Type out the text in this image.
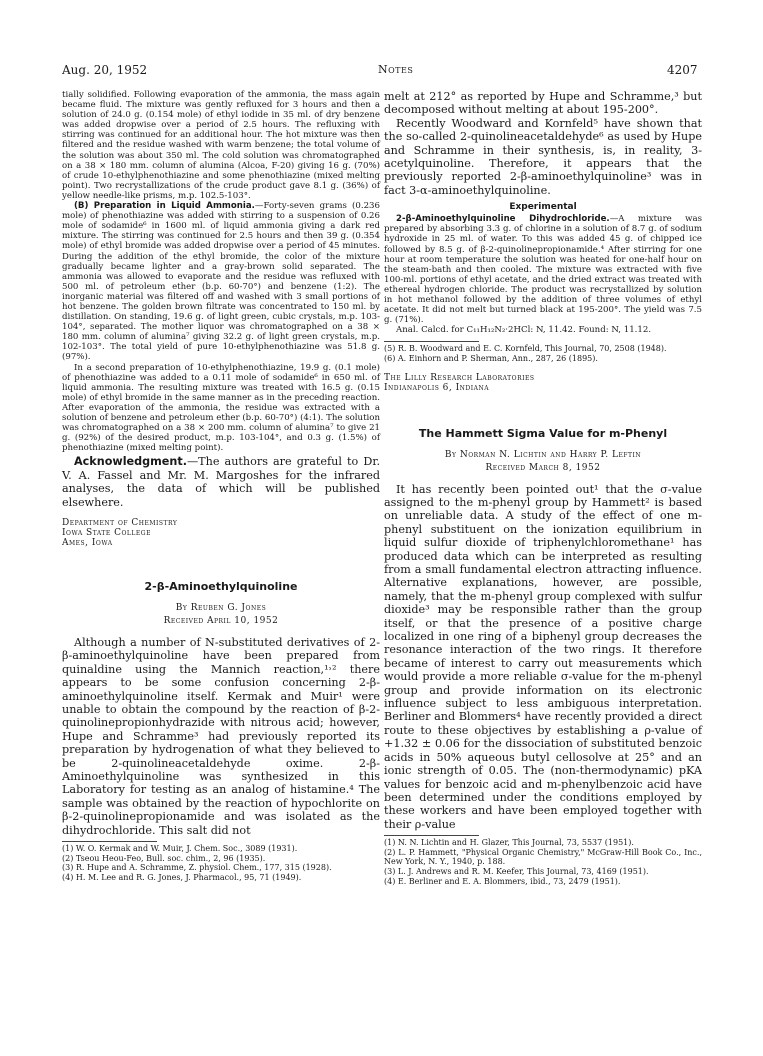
Aug. 20, 1952	Notes	4207

tially solidified. Following evaporation of the ammonia, the mass again became fluid. The mixture was gently refluxed for 3 hours and then a solution of 24.0 g. (0.154 mole) of ethyl iodide in 35 ml. of dry benzene was added dropwise over a period of 2.5 hours. The refluxing with stirring was continued for an additional hour. The hot mixture was then filtered and the residue washed with warm benzene; the total volume of the solution was about 350 ml. The cold solution was chromatographed on a 38 × 180 mm. column of alumina (Alcoa, F-20) giving 16 g. (70%) of crude 10-ethylphenothiazine and some phenothiazine (mixed melting point). Two recrystallizations of the crude product gave 8.1 g. (36%) of yellow needle-like prisms, m.p. 102.5-103°.

(B) Preparation in Liquid Ammonia.—Forty-seven grams (0.236 mole) of phenothiazine was added with stirring to a suspension of 0.26 mole of sodamide⁶ in 1600 ml. of liquid ammonia giving a dark red mixture. The stirring was continued for 2.5 hours and then 39 g. (0.354 mole) of ethyl bromide was added dropwise over a period of 45 minutes. During the addition of the ethyl bromide, the color of the mixture gradually became lighter and a gray-brown solid separated. The ammonia was allowed to evaporate and the residue was refluxed with 500 ml. of petroleum ether (b.p. 60-70°) and benzene (1:2). The inorganic material was filtered off and washed with 3 small portions of hot benzene. The golden brown filtrate was concentrated to 150 ml. by distillation. On standing, 19.6 g. of light green, cubic crystals, m.p. 103-104°, separated. The mother liquor was chromatographed on a 38 × 180 mm. column of alumina⁷ giving 32.2 g. of light green crystals, m.p. 102-103°. The total yield of pure 10-ethylphenothiazine was 51.8 g. (97%).

In a second preparation of 10-ethylphenothiazine, 19.9 g. (0.1 mole) of phenothiazine was added to a 0.11 mole of sodamide⁶ in 650 ml. of liquid ammonia. The resulting mixture was treated with 16.5 g. (0.15 mole) of ethyl bromide in the same manner as in the preceding reaction. After evaporation of the ammonia, the residue was extracted with a solution of benzene and petroleum ether (b.p. 60-70°) (4:1). The solution was chromatographed on a 38 × 200 mm. column of alumina⁷ to give 21 g. (92%) of the desired product, m.p. 103-104°, and 0.3 g. (1.5%) of phenothiazine (mixed melting point).

Acknowledgment.—The authors are grateful to Dr. V. A. Fassel and Mr. M. Margoshes for the infrared analyses, the data of which will be published elsewhere.

Department of Chemistry
Iowa State College
Ames, Iowa
2-β-Aminoethylquinoline
By Reuben G. Jones
Received April 10, 1952

Although a number of N-substituted derivatives of 2-β-aminoethylquinoline have been prepared from quinaldine using the Mannich reaction,¹˒² there appears to be some confusion concerning 2-β-aminoethylquinoline itself. Kermak and Muir¹ were unable to obtain the compound by the reaction of β-2-quinolinepropionhydrazide with nitrous acid; however, Hupe and Schramme³ had previously reported its preparation by hydrogenation of what they believed to be 2-quinolineacetaldehyde oxime. 2-β-Aminoethylquinoline was synthesized in this Laboratory for testing as an analog of histamine.⁴ The sample was obtained by the reaction of hypochlorite on β-2-quinolinepropionamide and was isolated as the dihydrochloride. This salt did not

(1) W. O. Kermak and W. Muir, J. Chem. Soc., 3089 (1931).

(2) Tseou Heou-Feo, Bull. soc. chim., 2, 96 (1935).

(3) R. Hupe and A. Schramme, Z. physiol. Chem., 177, 315 (1928).

(4) H. M. Lee and R. G. Jones, J. Pharmacol., 95, 71 (1949).

melt at 212° as reported by Hupe and Schramme,³ but decomposed without melting at about 195-200°.

Recently Woodward and Kornfeld⁵ have shown that the so-called 2-quinolineacetaldehyde⁶ as used by Hupe and Schramme in their synthesis, is, in reality, 3-acetylquinoline. Therefore, it appears that the previously reported 2-β-aminoethylquinoline³ was in fact 3-α-aminoethylquinoline.

Experimental

2-β-Aminoethylquinoline Dihydrochloride.—A mixture was prepared by absorbing 3.3 g. of chlorine in a solution of 8.7 g. of sodium hydroxide in 25 ml. of water. To this was added 45 g. of chipped ice followed by 8.5 g. of β-2-quinolinepropionamide.⁴ After stirring for one hour at room temperature the solution was heated for one-half hour on the steam-bath and then cooled. The mixture was extracted with five 100-ml. portions of ethyl acetate, and the dried extract was treated with ethereal hydrogen chloride. The product was recrystallized by solution in hot methanol followed by the addition of three volumes of ethyl acetate. It did not melt but turned black at 195-200°. The yield was 7.5 g. (71%).

Anal. Calcd. for C₁₁H₁₂N₂·2HCl: N, 11.42. Found: N, 11.12.

(5) R. B. Woodward and E. C. Kornfeld, This Journal, 70, 2508 (1948).

(6) A. Einhorn and P. Sherman, Ann., 287, 26 (1895).

The Lilly Research Laboratories
Indianapolis 6, Indiana
The Hammett Sigma Value for m-Phenyl
By Norman N. Lichtin and Harry P. Leftin
Received March 8, 1952

It has recently been pointed out¹ that the σ-value assigned to the m-phenyl group by Hammett² is based on unreliable data. A study of the effect of one m-phenyl substituent on the ionization equilibrium in liquid sulfur dioxide of triphenylchloromethane¹ has produced data which can be interpreted as resulting from a small fundamental electron attracting influence. Alternative explanations, however, are possible, namely, that the m-phenyl group complexed with sulfur dioxide³ may be responsible rather than the group itself, or that the presence of a positive charge localized in one ring of a biphenyl group decreases the resonance interaction of the two rings. It therefore became of interest to carry out measurements which would provide a more reliable σ-value for the m-phenyl group and provide information on its electronic influence subject to less ambiguous interpretation. Berliner and Blommers⁴ have recently provided a direct route to these objectives by establishing a ρ-value of +1.32 ± 0.06 for the dissociation of substituted benzoic acids in 50% aqueous butyl cellosolve at 25° and an ionic strength of 0.05. The (non-thermodynamic) pKA values for benzoic acid and m-phenylbenzoic acid have been determined under the conditions employed by these workers and have been employed together with their ρ-value

(1) N. N. Lichtin and H. Glazer, This Journal, 73, 5537 (1951).

(2) L. P. Hammett, "Physical Organic Chemistry," McGraw-Hill Book Co., Inc., New York, N. Y., 1940, p. 188.

(3) L. J. Andrews and R. M. Keefer, This Journal, 73, 4169 (1951).

(4) E. Berliner and E. A. Blommers, ibid., 73, 2479 (1951).
